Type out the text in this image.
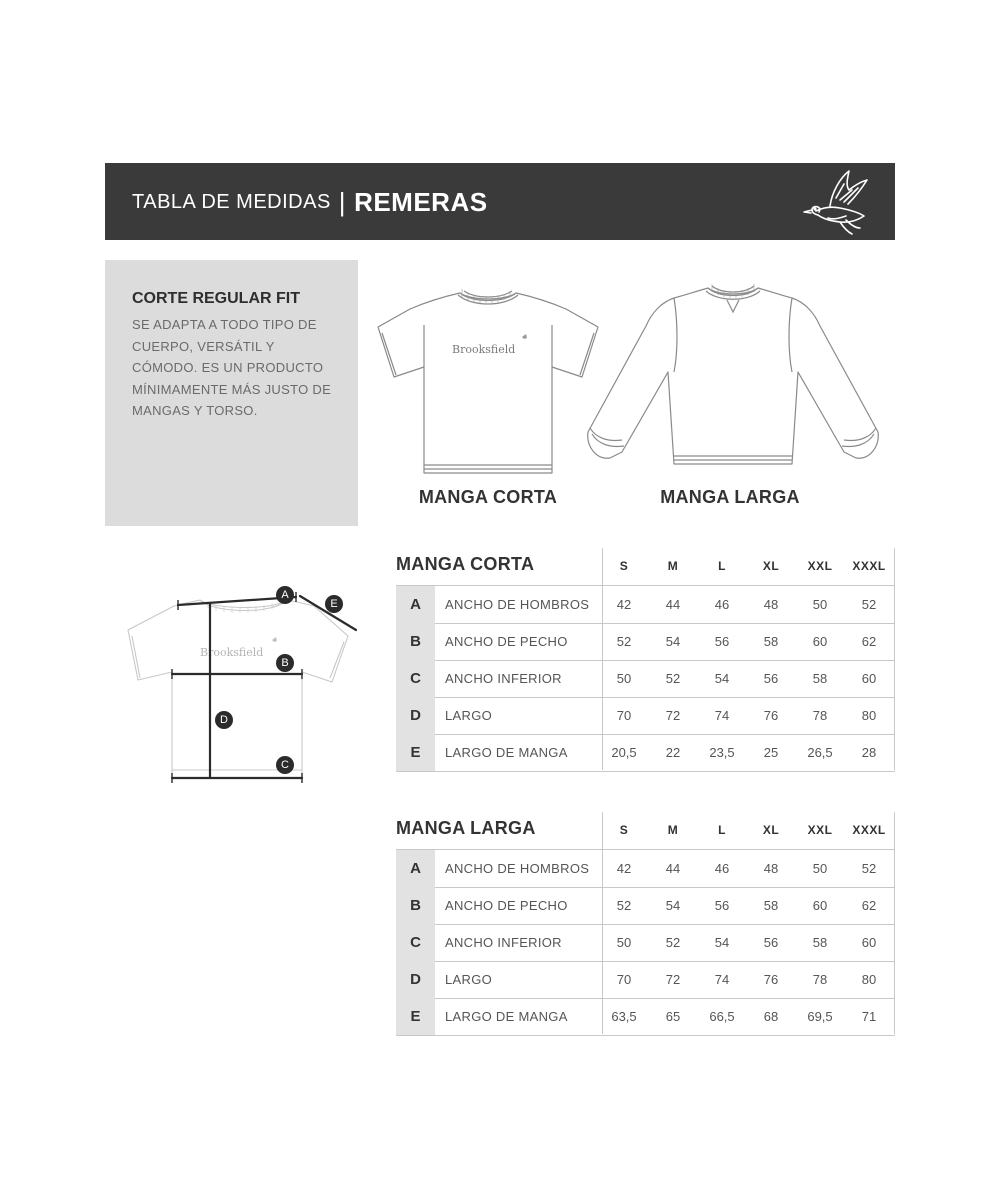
TABLA DE MEDIDAS | REMERAS
CORTE REGULAR FIT
SE ADAPTA A TODO TIPO DE CUERPO, VERSÁTIL Y CÓMODO. ES UN PRODUCTO MÍNIMAMENTE MÁS JUSTO DE MANGAS Y TORSO.
Brooksfield
MANGA CORTA	MANGA LARGA
Brooksfield
A
B
C
D
E
MANGA CORTA	S	M	L	XL	XXL	XXXL
A	ANCHO DE HOMBROS	42	44	46	48	50	52
B	ANCHO DE PECHO	52	54	56	58	60	62
C	ANCHO INFERIOR	50	52	54	56	58	60
D	LARGO	70	72	74	76	78	80
E	LARGO DE MANGA	20,5	22	23,5	25	26,5	28
MANGA LARGA	S	M	L	XL	XXL	XXXL
A	ANCHO DE HOMBROS	42	44	46	48	50	52
B	ANCHO DE PECHO	52	54	56	58	60	62
C	ANCHO INFERIOR	50	52	54	56	58	60
D	LARGO	70	72	74	76	78	80
E	LARGO DE MANGA	63,5	65	66,5	68	69,5	71
